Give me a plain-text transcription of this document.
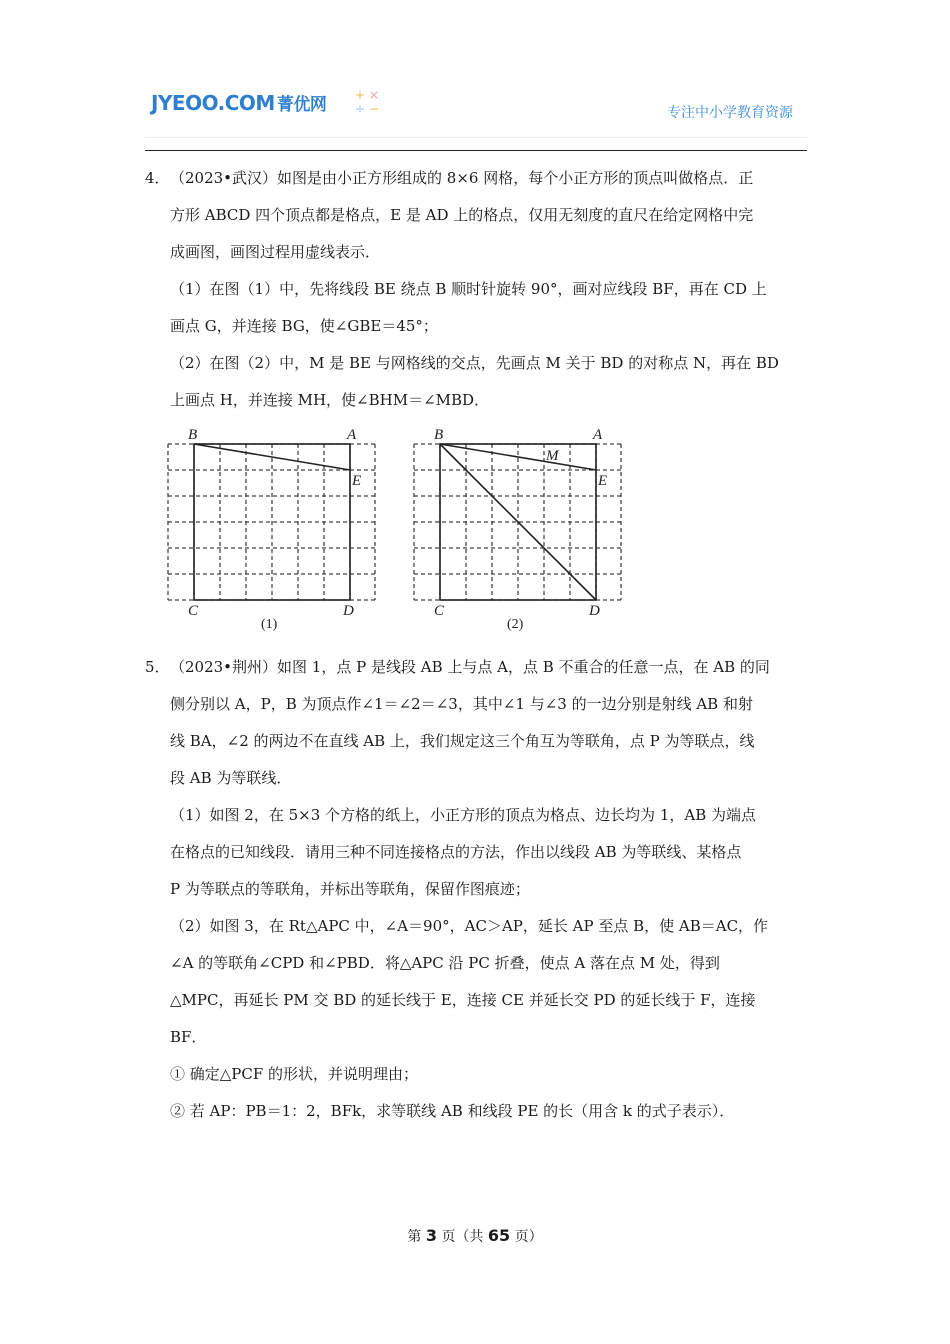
JYEOO.COM 菁优网 + ×
÷ −	专注中小学教育资源
4． （2023•武汉）如图是由小正方形组成的 8×6 网格，每个小正方形的顶点叫做格点．正
方形 ABCD 四个顶点都是格点，E 是 AD 上的格点，仅用无刻度的直尺在给定网格中完
成画图，画图过程用虚线表示．
（1）在图（1）中，先将线段 BE 绕点 B 顺时针旋转 90°，画对应线段 BF，再在 CD 上
画点 G，并连接 BG，使∠GBE＝45°；
（2）在图（2）中，M 是 BE 与网格线的交点，先画点 M 关于 BD 的对称点 N，再在 BD
上画点 H，并连接 MH，使∠BHM＝∠MBD．
B	A
E
C	D
(1)
B	A
M
E
C	D
(2)
5． （2023•荆州）如图 1，点 P 是线段 AB 上与点 A，点 B 不重合的任意一点，在 AB 的同
侧分别以 A，P，B 为顶点作∠1＝∠2＝∠3，其中∠1 与∠3 的一边分别是射线 AB 和射
线 BA，∠2 的两边不在直线 AB 上，我们规定这三个角互为等联角，点 P 为等联点，线
段 AB 为等联线．
（1）如图 2，在 5×3 个方格的纸上，小正方形的顶点为格点、边长均为 1，AB 为端点
在格点的已知线段．请用三种不同连接格点的方法，作出以线段 AB 为等联线、某格点
P 为等联点的等联角，并标出等联角，保留作图痕迹；
（2）如图 3，在 Rt△APC 中，∠A＝90°，AC＞AP，延长 AP 至点 B，使 AB＝AC，作
∠A 的等联角∠CPD 和∠PBD．将△APC 沿 PC 折叠，使点 A 落在点 M 处，得到
△MPC，再延长 PM 交 BD 的延长线于 E，连接 CE 并延长交 PD 的延长线于 F，连接
BF．
① 确定△PCF 的形状，并说明理由；
② 若 AP：PB＝1：2，BFk，求等联线 AB 和线段 PE 的长（用含 k 的式子表示）．
第 3 页（共 65 页）
